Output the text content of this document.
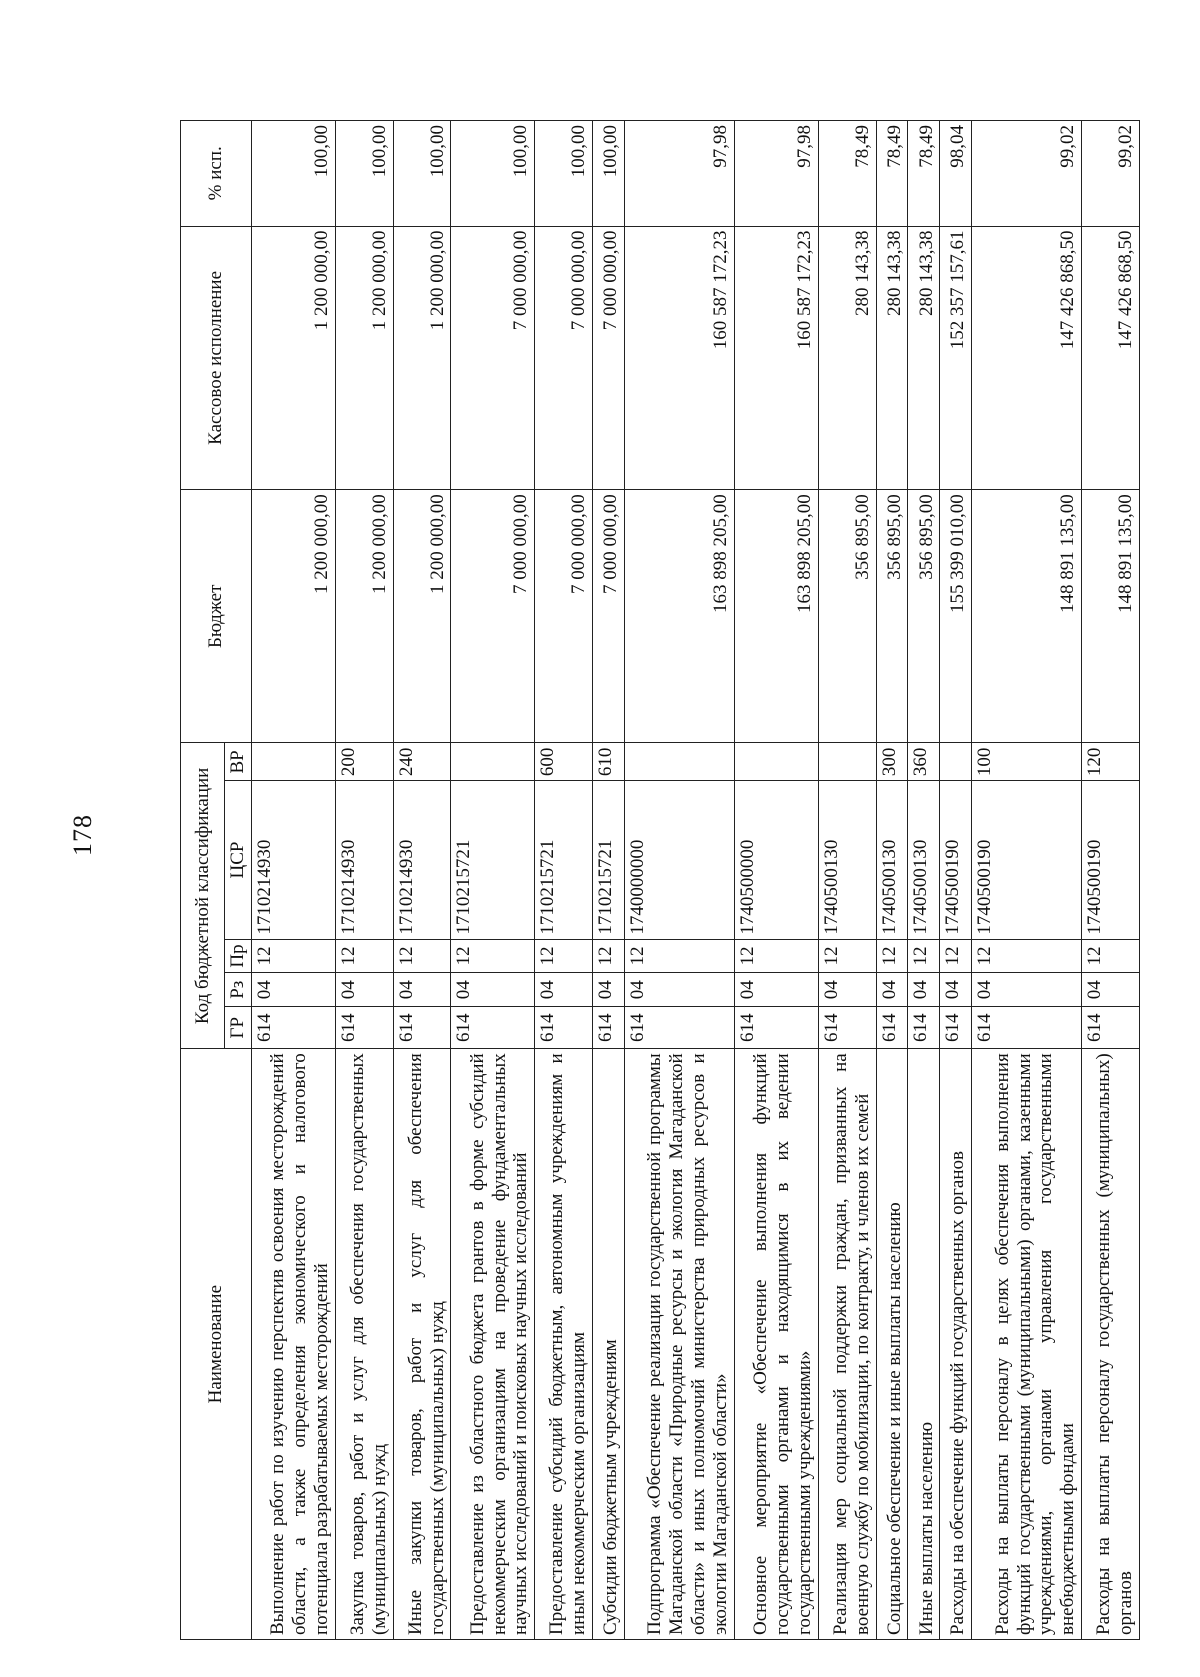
178
Наименование	Код бюджетной классификации					Бюджет	Кассовое исполнение	% исп.
	ГР	Рз	Пр	ЦСР	ВР			
Выполнение работ по изучению перспектив освоения месторождений области, а также определения экономического и налогового потенциала разрабатываемых месторождений	614	04	12	1710214930		1 200 000,00	1 200 000,00	100,00
Закупка товаров, работ и услуг для обеспечения государственных (муниципальных) нужд	614	04	12	1710214930	200	1 200 000,00	1 200 000,00	100,00
Иные закупки товаров, работ и услуг для обеспечения государственных (муниципальных) нужд	614	04	12	1710214930	240	1 200 000,00	1 200 000,00	100,00
Предоставление из областного бюджета грантов в форме субсидий некоммерческим организациям на проведение фундаментальных научных исследований и поисковых научных исследований	614	04	12	1710215721		7 000 000,00	7 000 000,00	100,00
Предоставление субсидий бюджетным, автономным учреждениям и иным некоммерческим организациям	614	04	12	1710215721	600	7 000 000,00	7 000 000,00	100,00
Субсидии бюджетным учреждениям	614	04	12	1710215721	610	7 000 000,00	7 000 000,00	100,00
Подпрограмма «Обеспечение реализации государственной программы Магаданской области «Природные ресурсы и экология Магаданской области» и иных полномочий министерства природных ресурсов и экологии Магаданской области»	614	04	12	1740000000		163 898 205,00	160 587 172,23	97,98
Основное мероприятие «Обеспечение выполнения функций государственными органами и находящимися в их ведении государственными учреждениями»	614	04	12	1740500000		163 898 205,00	160 587 172,23	97,98
Реализация мер социальной поддержки граждан, призванных на военную службу по мобилизации, по контракту, и членов их семей	614	04	12	1740500130		356 895,00	280 143,38	78,49
Социальное обеспечение и иные выплаты населению	614	04	12	1740500130	300	356 895,00	280 143,38	78,49
Иные выплаты населению	614	04	12	1740500130	360	356 895,00	280 143,38	78,49
Расходы на обеспечение функций государственных органов	614	04	12	1740500190		155 399 010,00	152 357 157,61	98,04
Расходы на выплаты персоналу в целях обеспечения выполнения функций государственными (муниципальными) органами, казенными учреждениями, органами управления государственными внебюджетными фондами	614	04	12	1740500190	100	148 891 135,00	147 426 868,50	99,02
Расходы на выплаты персоналу государственных (муниципальных) органов	614	04	12	1740500190	120	148 891 135,00	147 426 868,50	99,02
